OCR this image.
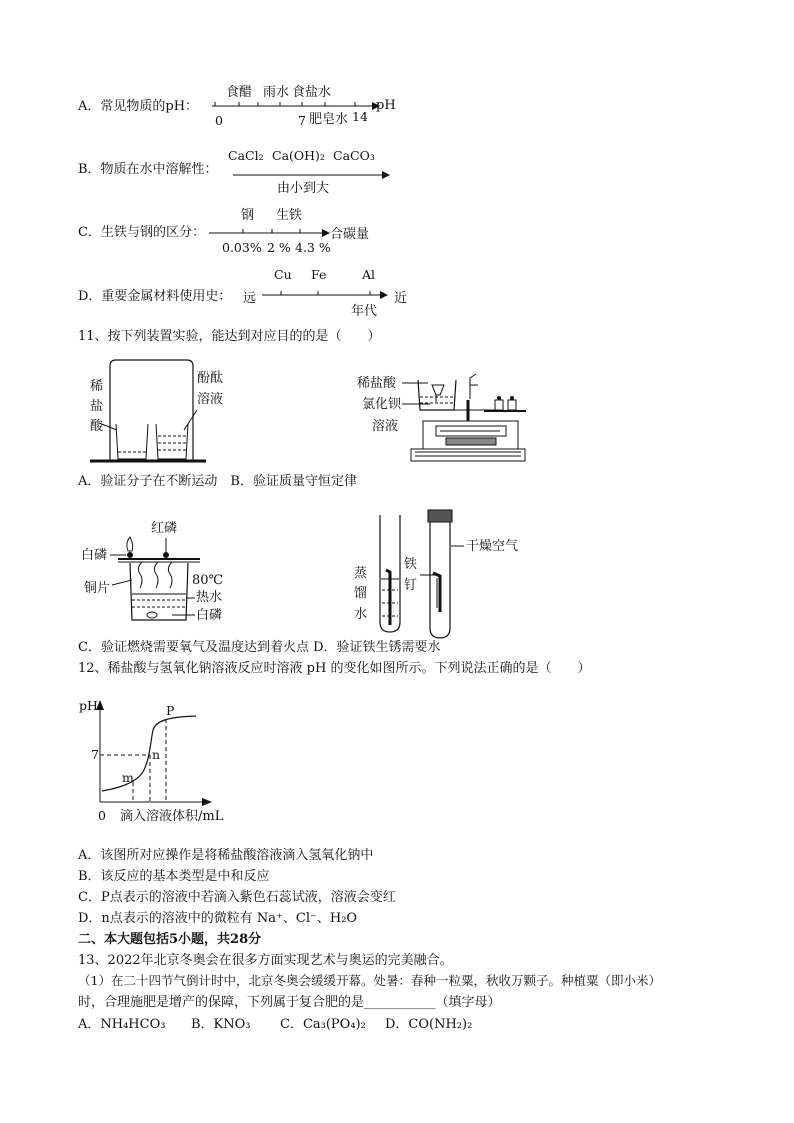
A．常见物质的pH：
食醋 雨水 食盐水
0	7 肥皂水 14
pH
B．物质在水中溶解性：
CaCl₂ Ca(OH)₂ CaCO₃
由小到大
C．生铁与钢的区分：
钢 生铁
0.03% 2 % 4.3 %
合碳量
D．重要金属材料使用史：
Cu Fe	Al
远	近
年代
11、按下列装置实验，能达到对应目的的是（　　）
稀
盐
酸
酚酞
溶液
稀盐酸
氯化钡
溶液
A．验证分子在不断运动　B．验证质量守恒定律
红磷
白磷
铜片
80℃
热水
白磷
干燥空气
铁
钉
蒸
馏
水
C．验证燃烧需要氧气及温度达到着火点 D．验证铁生锈需要水
12、稀盐酸与氢氧化钠溶液反应时溶液 pH 的变化如图所示。下列说法正确的是（　　）
pH
7
m
n
P
0 滴入溶液体积/mL
A．该图所对应操作是将稀盐酸溶液滴入氢氧化钠中
B．该反应的基本类型是中和反应
C．P点表示的溶液中若滴入紫色石蕊试液，溶液会变红
D．n点表示的溶液中的微粒有 Na⁺、Cl⁻、H₂O
二、本大题包括5小题，共28分
13、2022年北京冬奥会在很多方面实现艺术与奥运的完美融合。
（1）在二十四节气倒计时中，北京冬奥会缓缓开幕。处暑：春种一粒粟，秋收万颗子。种植粟（即小米）
时，合理施肥是增产的保障，下列属于复合肥的是___________（填字母）
A．NH₄HCO₃ B．KNO₃ C．Ca₃(PO₄)₂ D．CO(NH₂)₂
